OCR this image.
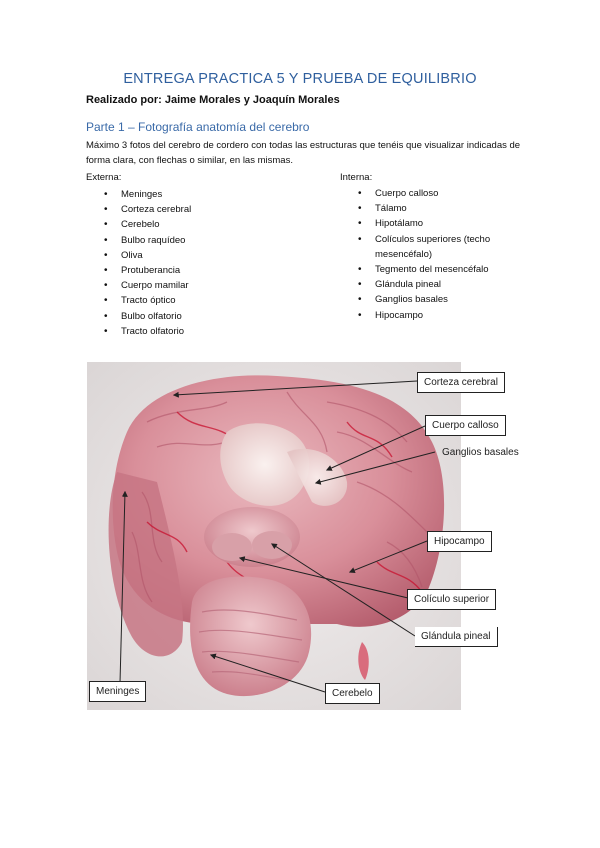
ENTREGA PRACTICA 5 Y PRUEBA DE EQUILIBRIO
Realizado por: Jaime Morales y Joaquín Morales
Parte 1 – Fotografía anatomía del cerebro
Máximo 3 fotos del cerebro de cordero con todas las estructuras que tenéis que visualizar indicadas de forma clara, con flechas o similar, en las mismas.
Externa:
• Meninges
• Corteza cerebral
• Cerebelo
• Bulbo raquídeo
• Oliva
• Protuberancia
• Cuerpo mamilar
• Tracto óptico
• Bulbo olfatorio
• Tracto olfatorio
Interna:
• Cuerpo calloso
• Tálamo
• Hipotálamo
• Colículos superiores (techo mesencéfalo)
• Tegmento del mesencéfalo
• Glándula pineal
• Ganglios basales
• Hipocampo
Corteza cerebral
Cuerpo calloso
Ganglios basales
Hipocampo
Colículo superior
Glándula pineal
Meninges	Cerebelo
